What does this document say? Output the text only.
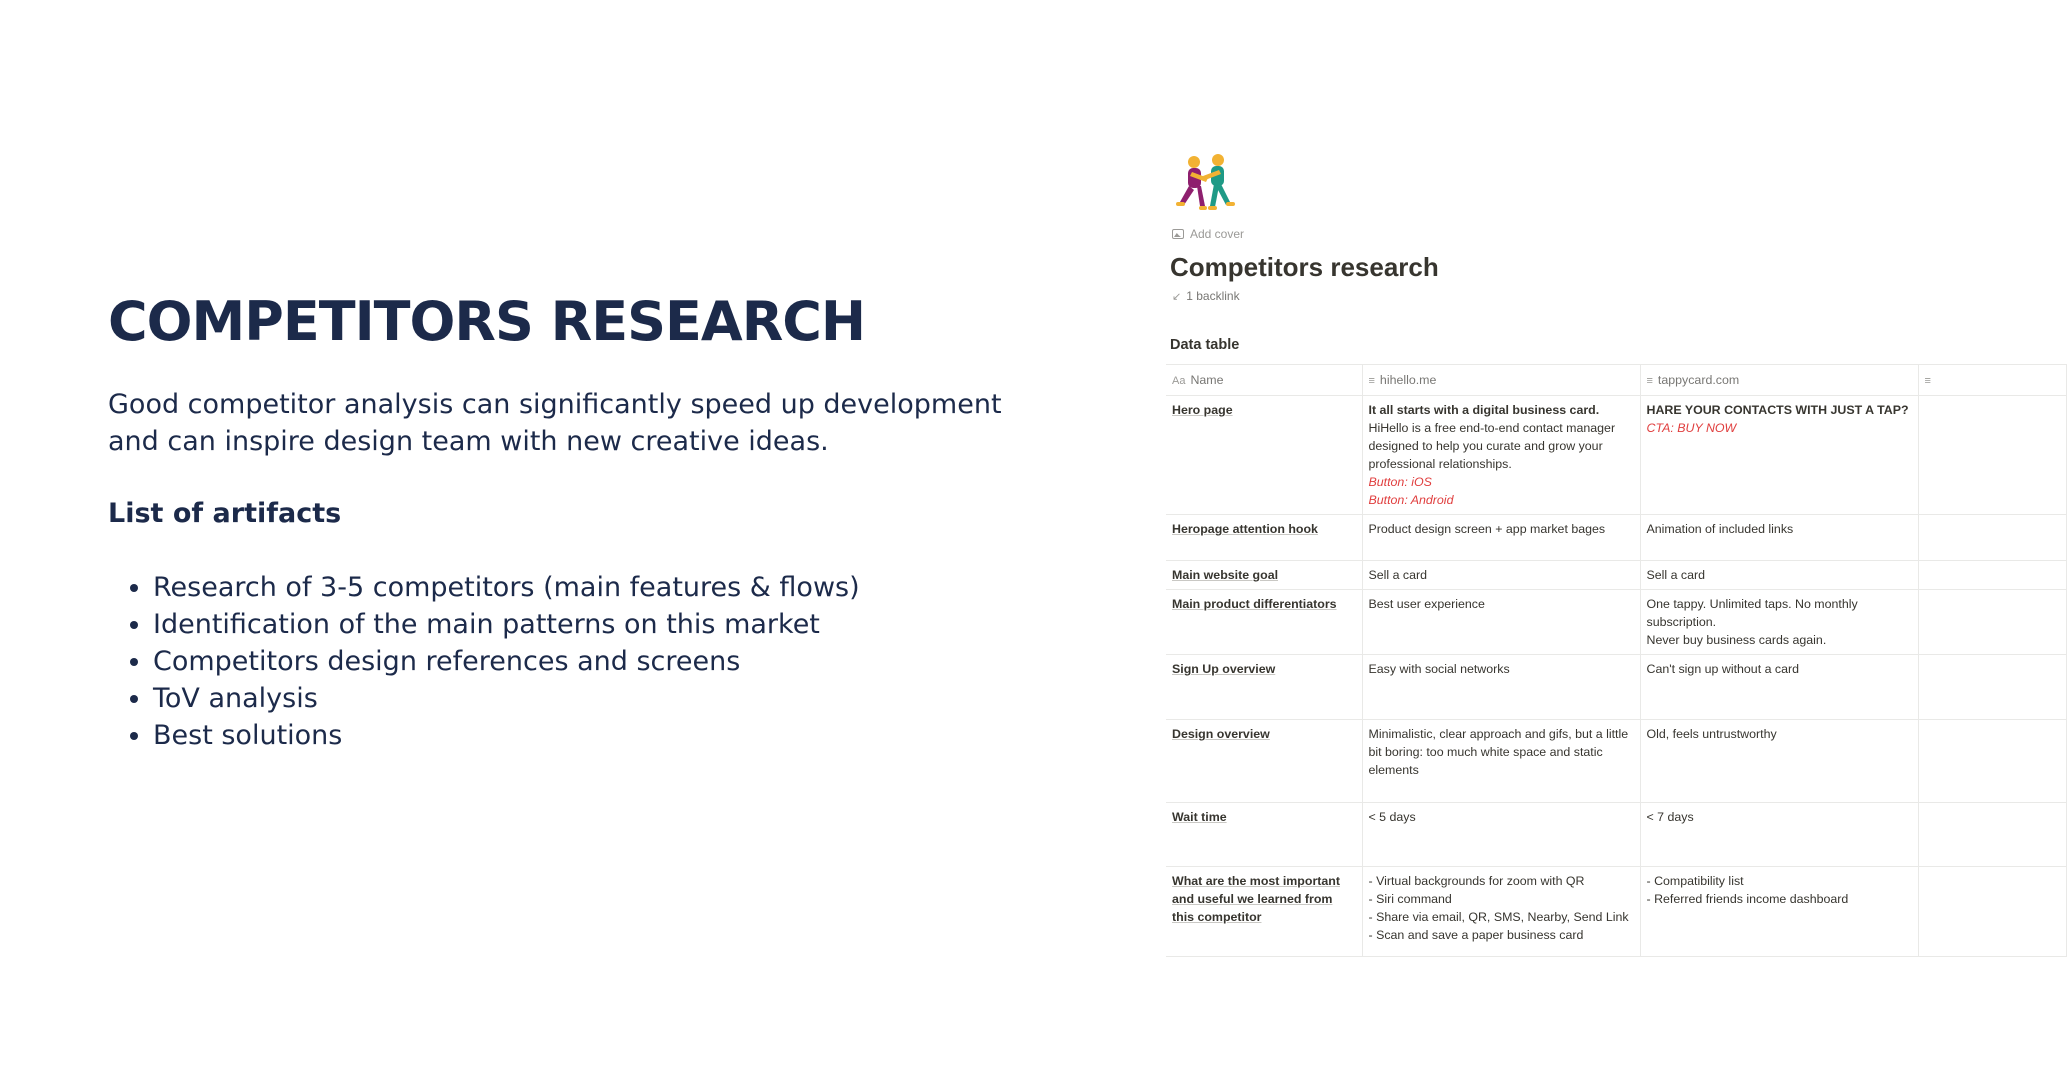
COMPETITORS RESEARCH
Good competitor analysis can significantly speed up development and can inspire design team with new creative ideas.
List of artifacts
• Research of 3-5 competitors (main features & flows)
• Identification of the main patterns on this market
• Competitors design references and screens
• ToV analysis
• Best solutions
Add cover
Competitors research
↙ 1 backlink
Data table
Aa Name	≡ hihello.me	≡ tappycard.com	≡
Hero page	It all starts with a digital business card.
HiHello is a free end-to-end contact manager designed to help you curate and grow your professional relationships.
Button: iOS
Button: Android	HARE YOUR CONTACTS WITH JUST A TAP?
CTA: BUY NOW	

Heropage attention hook	Product design screen + app market bages	Animation of included links	
Main website goal	Sell a card	Sell a card	
Main product differentiators	Best user experience	One tappy. Unlimited taps. No monthly subscription.
Never buy business cards again.	

Sign Up overview	Easy with social networks	Can't sign up without a card	
Design overview	Minimalistic, clear approach and gifs, but a little bit boring: too much white space and static elements	Old, feels untrustworthy	
Wait time	< 5 days	< 7 days	
What are the most important and useful we learned from this competitor	- Virtual backgrounds for zoom with QR
- Siri command
- Share via email, QR, SMS, Nearby, Send Link
- Scan and save a paper business card	- Compatibility list
- Referred friends income dashboard	
